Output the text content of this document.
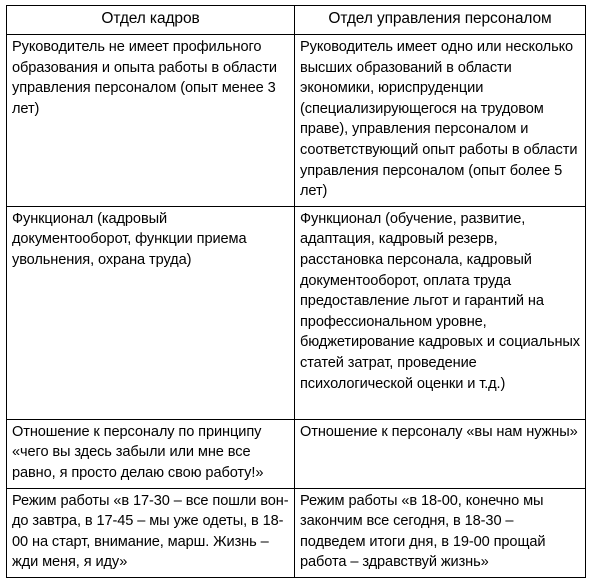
Отдел кадров	Отдел управления персоналом
Руководитель не имеет профильного образования и опыта работы в области управления персоналом (опыт менее 3 лет)	Руководитель имеет одно или несколько высших образований в области экономики, юриспруденции (специализирующегося на трудовом праве), управления персоналом и соответствующий опыт работы в области управления персоналом (опыт более 5 лет)
Функционал (кадровый документооборот, функции приема увольнения, охрана труда)	Функционал (обучение, развитие, адаптация, кадровый резерв, расстановка персонала, кадровый документооборот, оплата труда предоставление льгот и гарантий на профессиональном уровне, бюджетирование кадровых и социальных статей затрат, проведение психологической оценки и т.д.)
Отношение к персоналу по принципу «чего вы здесь забыли или мне все равно, я просто делаю свою работу!»	Отношение к персоналу «вы нам нужны»
Режим работы «в 17-30 – все пошли вон- до завтра, в 17-45 – мы уже одеты, в 18-00 на старт, внимание, марш. Жизнь – жди меня, я иду»	Режим работы «в 18-00, конечно мы закончим все сегодня, в 18-30 – подведем итоги дня, в 19-00 прощай работа – здравствуй жизнь»
